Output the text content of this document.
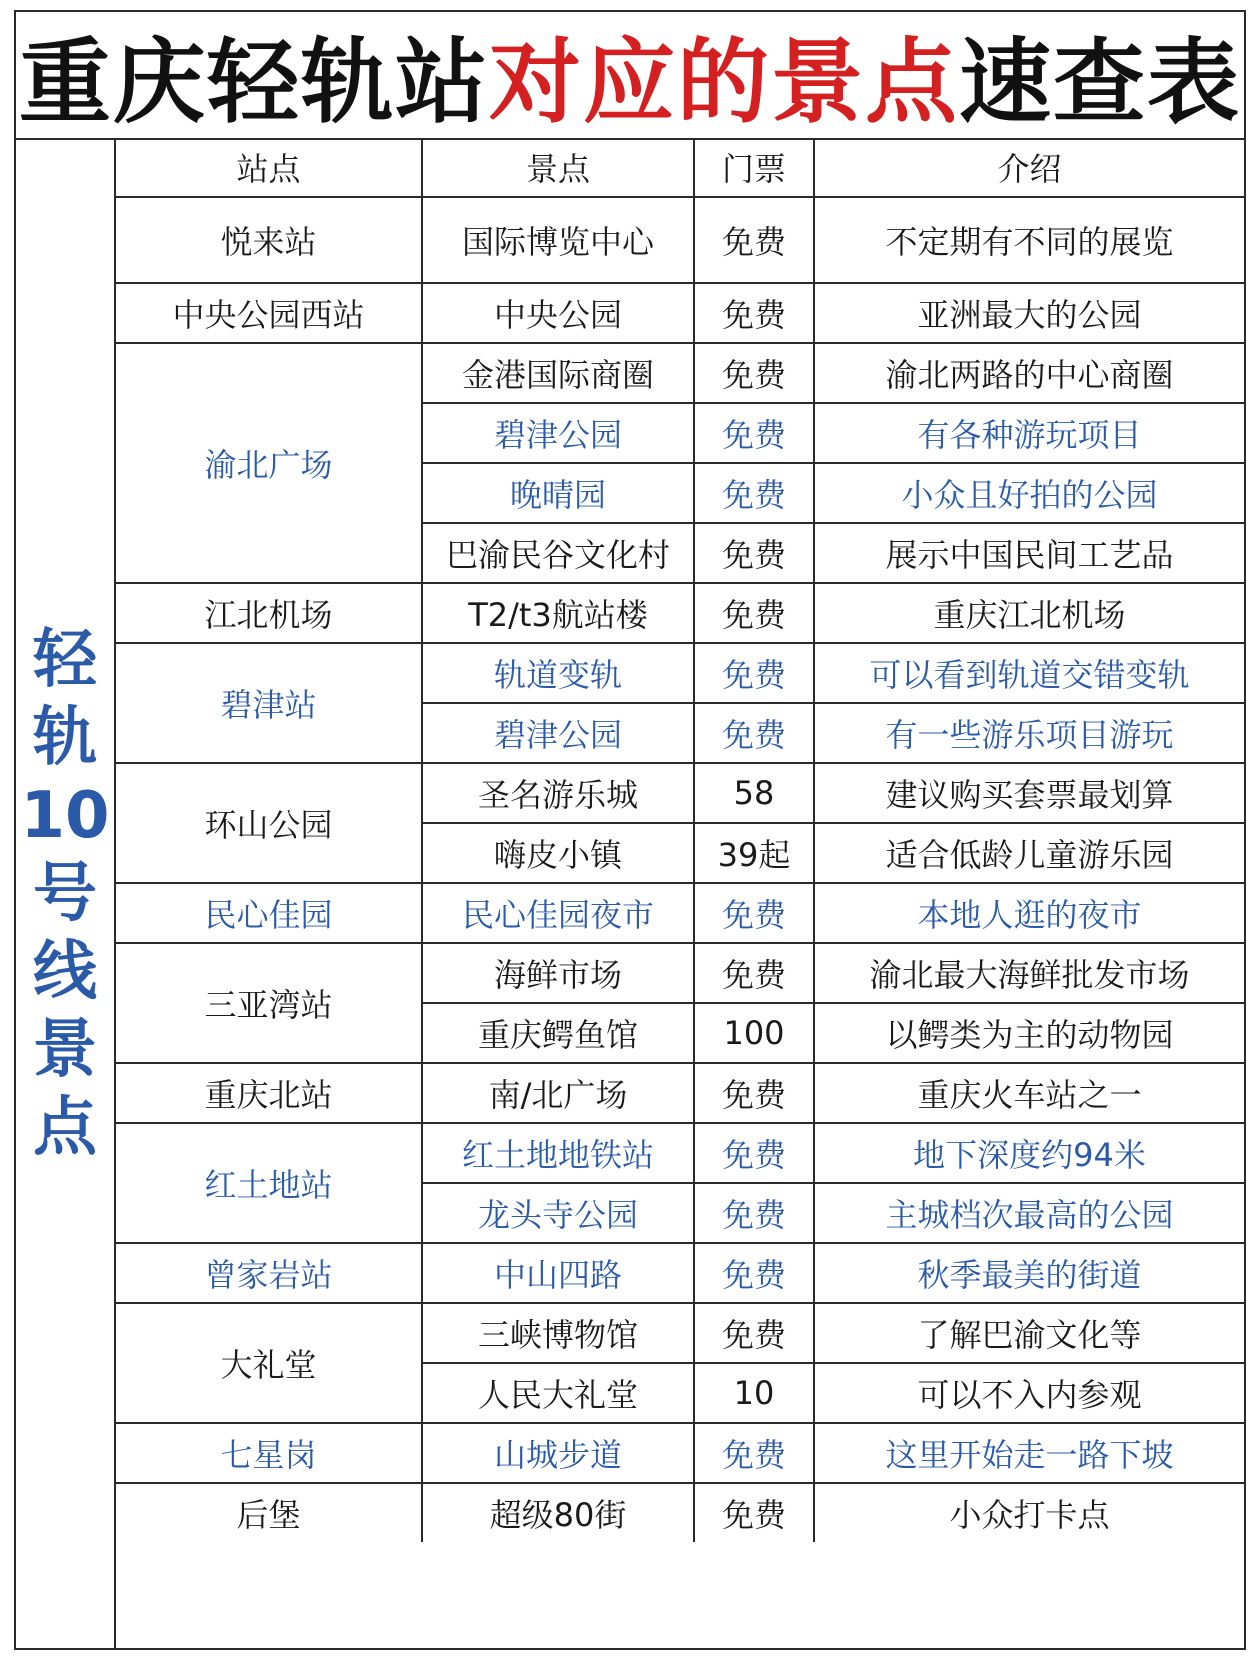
重庆轻轨站 对应的景点 速查表
轻
轨
10
号
线
景
点
站点	景点	门票	介绍
悦来站	国际博览中心	免费	不定期有不同的展览
中央公园西站	中央公园	免费	亚洲最大的公园
渝北广场	金港国际商圈	免费	渝北两路的中心商圈
	碧津公园	免费	有各种游玩项目
	晚晴园	免费	小众且好拍的公园
	巴渝民谷文化村	免费	展示中国民间工艺品
江北机场	T2/t3航站楼	免费	重庆江北机场
碧津站	轨道变轨	免费	可以看到轨道交错变轨
	碧津公园	免费	有一些游乐项目游玩
环山公园	圣名游乐城	58	建议购买套票最划算
	嗨皮小镇	39起	适合低龄儿童游乐园
民心佳园	民心佳园夜市	免费	本地人逛的夜市
三亚湾站	海鲜市场	免费	渝北最大海鲜批发市场
	重庆鳄鱼馆	100	以鳄类为主的动物园
重庆北站	南/北广场	免费	重庆火车站之一
红土地站	红土地地铁站	免费	地下深度约94米
	龙头寺公园	免费	主城档次最高的公园
曾家岩站	中山四路	免费	秋季最美的街道
大礼堂	三峡博物馆	免费	了解巴渝文化等
	人民大礼堂	10	可以不入内参观
七星岗	山城步道	免费	这里开始走一路下坡
后堡	超级80街	免费	小众打卡点
